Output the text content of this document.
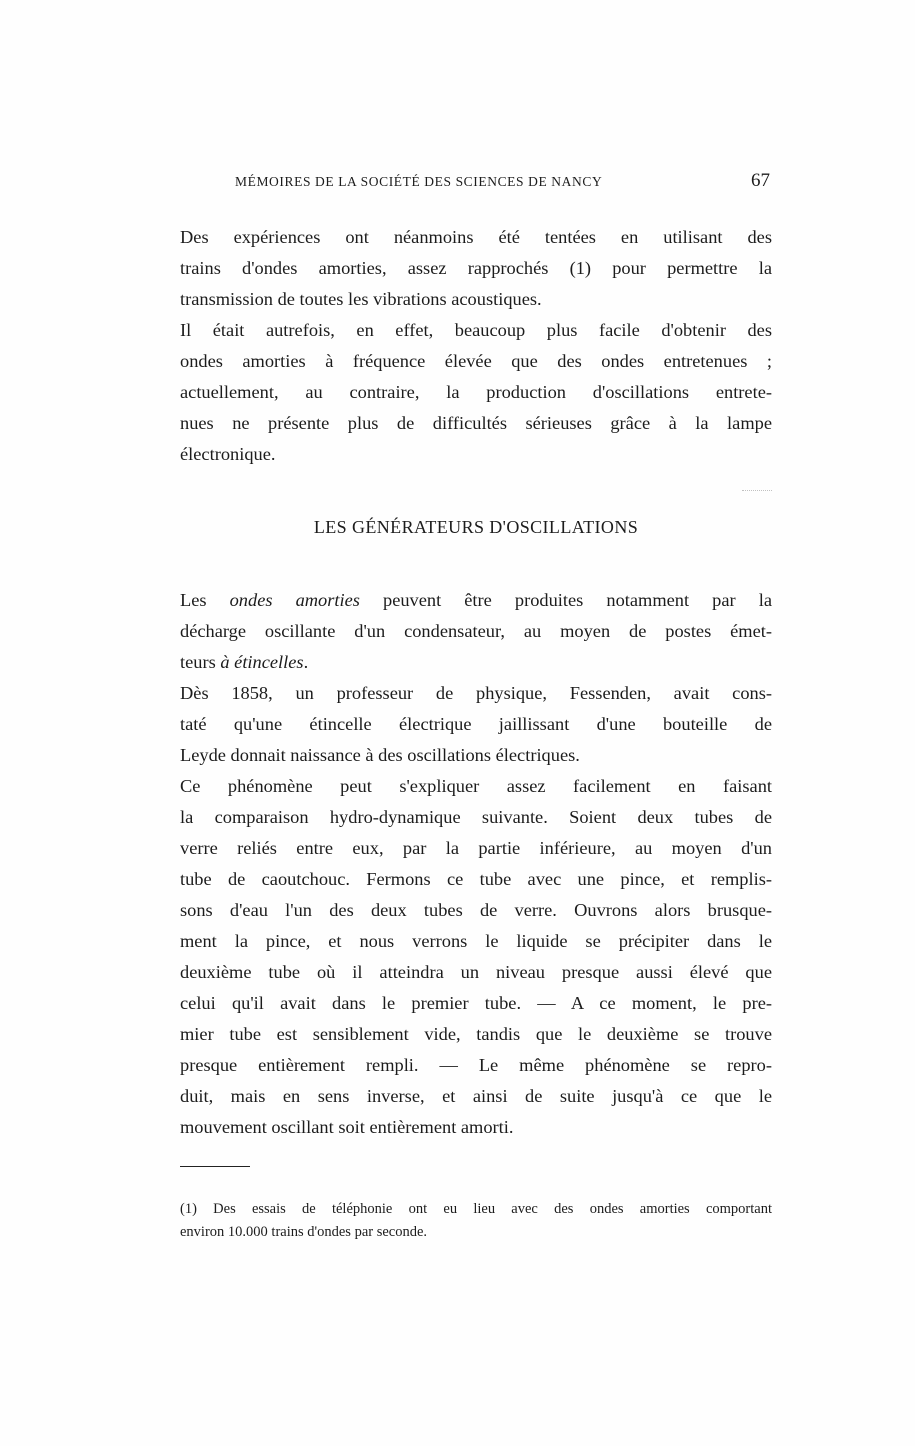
MÉMOIRES DE LA SOCIÉTÉ DES SCIENCES DE NANCY	67
Des expériences ont néanmoins été tentées en utilisant des
trains d'ondes amorties, assez rapprochés (1) pour permettre la
transmission de toutes les vibrations acoustiques.
Il était autrefois, en effet, beaucoup plus facile d'obtenir des
ondes amorties à fréquence élevée que des ondes entretenues ;
actuellement, au contraire, la production d'oscillations entrete-
nues ne présente plus de difficultés sérieuses grâce à la lampe
électronique.
LES GÉNÉRATEURS D'OSCILLATIONS
Les ondes amorties peuvent être produites notamment par la
décharge oscillante d'un condensateur, au moyen de postes émet-
teurs à étincelles.
Dès 1858, un professeur de physique, Fessenden, avait cons-
taté qu'une étincelle électrique jaillissant d'une bouteille de
Leyde donnait naissance à des oscillations électriques.
Ce phénomène peut s'expliquer assez facilement en faisant
la comparaison hydro-dynamique suivante. Soient deux tubes de
verre reliés entre eux, par la partie inférieure, au moyen d'un
tube de caoutchouc. Fermons ce tube avec une pince, et remplis-
sons d'eau l'un des deux tubes de verre. Ouvrons alors brusque-
ment la pince, et nous verrons le liquide se précipiter dans le
deuxième tube où il atteindra un niveau presque aussi élevé que
celui qu'il avait dans le premier tube. — A ce moment, le pre-
mier tube est sensiblement vide, tandis que le deuxième se trouve
presque entièrement rempli. — Le même phénomène se repro-
duit, mais en sens inverse, et ainsi de suite jusqu'à ce que le
mouvement oscillant soit entièrement amorti.
(1) Des essais de téléphonie ont eu lieu avec des ondes amorties comportant
environ 10.000 trains d'ondes par seconde.
